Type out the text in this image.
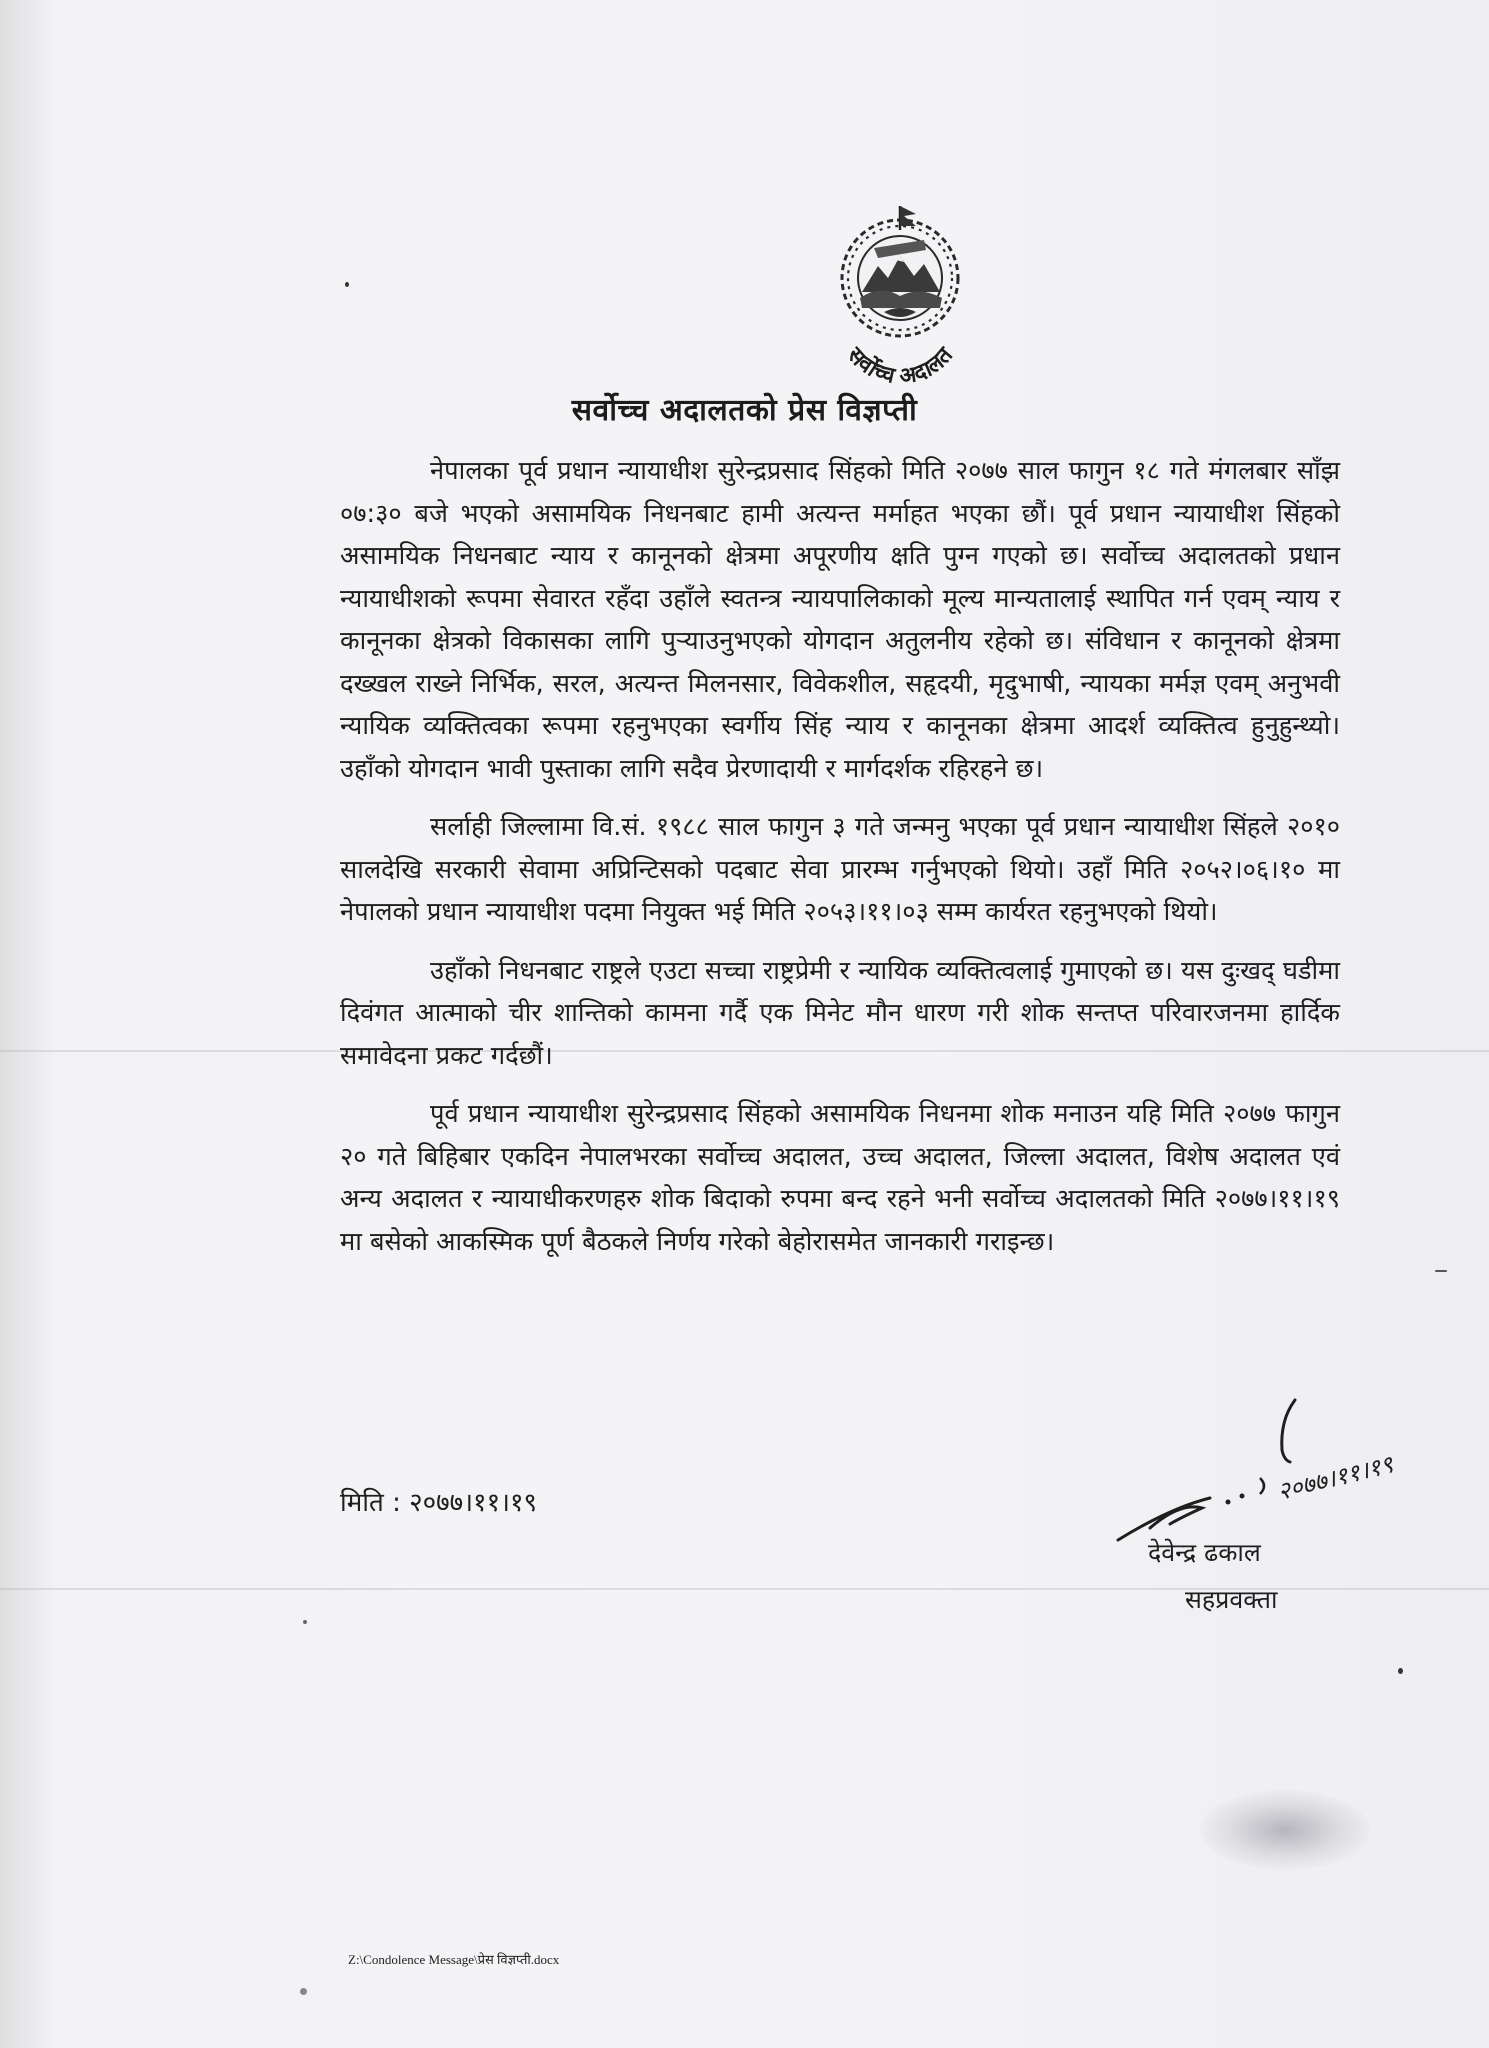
सर्वोच्च अदालत
सर्वोच्च अदालतको प्रेस विज्ञप्ती

नेपालका पूर्व प्रधान न्यायाधीश सुरेन्द्रप्रसाद सिंहको मिति २०७७ साल फागुन १८ गते मंगलबार साँझ ०७:३० बजे भएको असामयिक निधनबाट हामी अत्यन्त मर्माहत भएका छौं। पूर्व प्रधान न्यायाधीश सिंहको असामयिक निधनबाट न्याय र कानूनको क्षेत्रमा अपूरणीय क्षति पुग्न गएको छ। सर्वोच्च अदालतको प्रधान न्यायाधीशको रूपमा सेवारत रहँदा उहाँले स्वतन्त्र न्यायपालिकाको मूल्य मान्यतालाई स्थापित गर्न एवम् न्याय र कानूनका क्षेत्रको विकासका लागि पुऱ्याउनुभएको योगदान अतुलनीय रहेको छ। संविधान र कानूनको क्षेत्रमा दख्खल राख्ने निर्भिक, सरल, अत्यन्त मिलनसार, विवेकशील, सहृदयी, मृदुभाषी, न्यायका मर्मज्ञ एवम् अनुभवी न्यायिक व्यक्तित्वका रूपमा रहनुभएका स्वर्गीय सिंह न्याय र कानूनका क्षेत्रमा आदर्श व्यक्तित्व हुनुहुन्थ्यो। उहाँको योगदान भावी पुस्ताका लागि सदैव प्रेरणादायी र मार्गदर्शक रहिरहने छ।

सर्लाही जिल्लामा वि.सं. १९८८ साल फागुन ३ गते जन्मनु भएका पूर्व प्रधान न्यायाधीश सिंहले २०१० सालदेखि सरकारी सेवामा अप्रिन्टिसको पदबाट सेवा प्रारम्भ गर्नुभएको थियो। उहाँ मिति २०५२।०६।१० मा नेपालको प्रधान न्यायाधीश पदमा नियुक्त भई मिति २०५३।११।०३ सम्म कार्यरत रहनुभएको थियो।

उहाँको निधनबाट राष्ट्रले एउटा सच्चा राष्ट्रप्रेमी र न्यायिक व्यक्तित्वलाई गुमाएको छ। यस दुःखद् घडीमा दिवंगत आत्माको चीर शान्तिको कामना गर्दै एक मिनेट मौन धारण गरी शोक सन्तप्त परिवारजनमा हार्दिक समावेदना प्रकट गर्दछौं।

पूर्व प्रधान न्यायाधीश सुरेन्द्रप्रसाद सिंहको असामयिक निधनमा शोक मनाउन यहि मिति २०७७ फागुन २० गते बिहिबार एकदिन नेपालभरका सर्वोच्च अदालत, उच्च अदालत, जिल्ला अदालत, विशेष अदालत एवं अन्य अदालत र न्यायाधीकरणहरु शोक बिदाको रुपमा बन्द रहने भनी सर्वोच्च अदालतको मिति २०७७।११।१९ मा बसेको आकस्मिक पूर्ण बैठकले निर्णय गरेको बेहोरासमेत जानकारी गराइन्छ।

मिति : २०७७।११।१९	२०७७।११।१९
देवेन्द्र ढकाल
सहप्रवक्ता
Z:\Condolence Message\प्रेस विज्ञप्ती.docx
